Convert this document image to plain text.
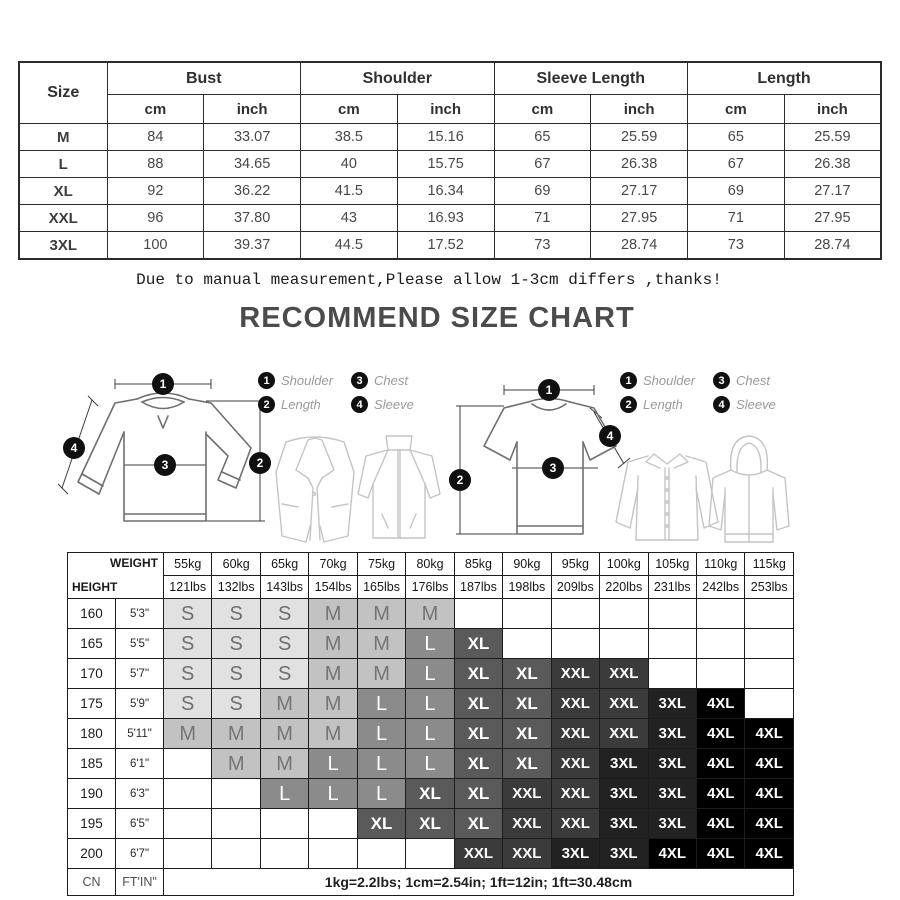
Size	Bust		Shoulder		Sleeve Length		Length	
	cm	inch	cm	inch	cm	inch	cm	inch
M	84	33.07	38.5	15.16	65	25.59	65	25.59
L	88	34.65	40	15.75	67	26.38	67	26.38
XL	92	36.22	41.5	16.34	69	27.17	69	27.17
XXL	96	37.80	43	16.93	71	27.95	71	27.95
3XL	100	39.37	44.5	17.52	73	28.74	73	28.74
Due to manual measurement,Please allow 1-3cm differs ,thanks!
RECOMMEND SIZE CHART
1
3	2
4
1 Shoulder	3 Chest
2 Length	4 Sleeve
1
2
3
4
1 Shoulder	3 Chest
2 Length	4 Sleeve
WEIGHT
HEIGHT		55kg	60kg	65kg	70kg	75kg	80kg	85kg	90kg	95kg	100kg	105kg	110kg	115kg
		121lbs	132lbs	143lbs	154lbs	165lbs	176lbs	187lbs	198lbs	209lbs	220lbs	231lbs	242lbs	253lbs
160	5'3"	S	S	S	M	M	M							
165	5'5"	S	S	S	M	M	L	XL						
170	5'7"	S	S	S	M	M	L	XL	XL	XXL	XXL			
175	5'9"	S	S	M	M	L	L	XL	XL	XXL	XXL	3XL	4XL	
180	5'11"	M	M	M	M	L	L	XL	XL	XXL	XXL	3XL	4XL	4XL
185	6'1"		M	M	L	L	L	XL	XL	XXL	3XL	3XL	4XL	4XL
190	6'3"			L	L	L	XL	XL	XXL	XXL	3XL	3XL	4XL	4XL
195	6'5"					XL	XL	XL	XXL	XXL	3XL	3XL	4XL	4XL
200	6'7"							XXL	XXL	3XL	3XL	4XL	4XL	4XL
CN	FT'IN"	1kg=2.2lbs; 1cm=2.54in; 1ft=12in; 1ft=30.48cm												
